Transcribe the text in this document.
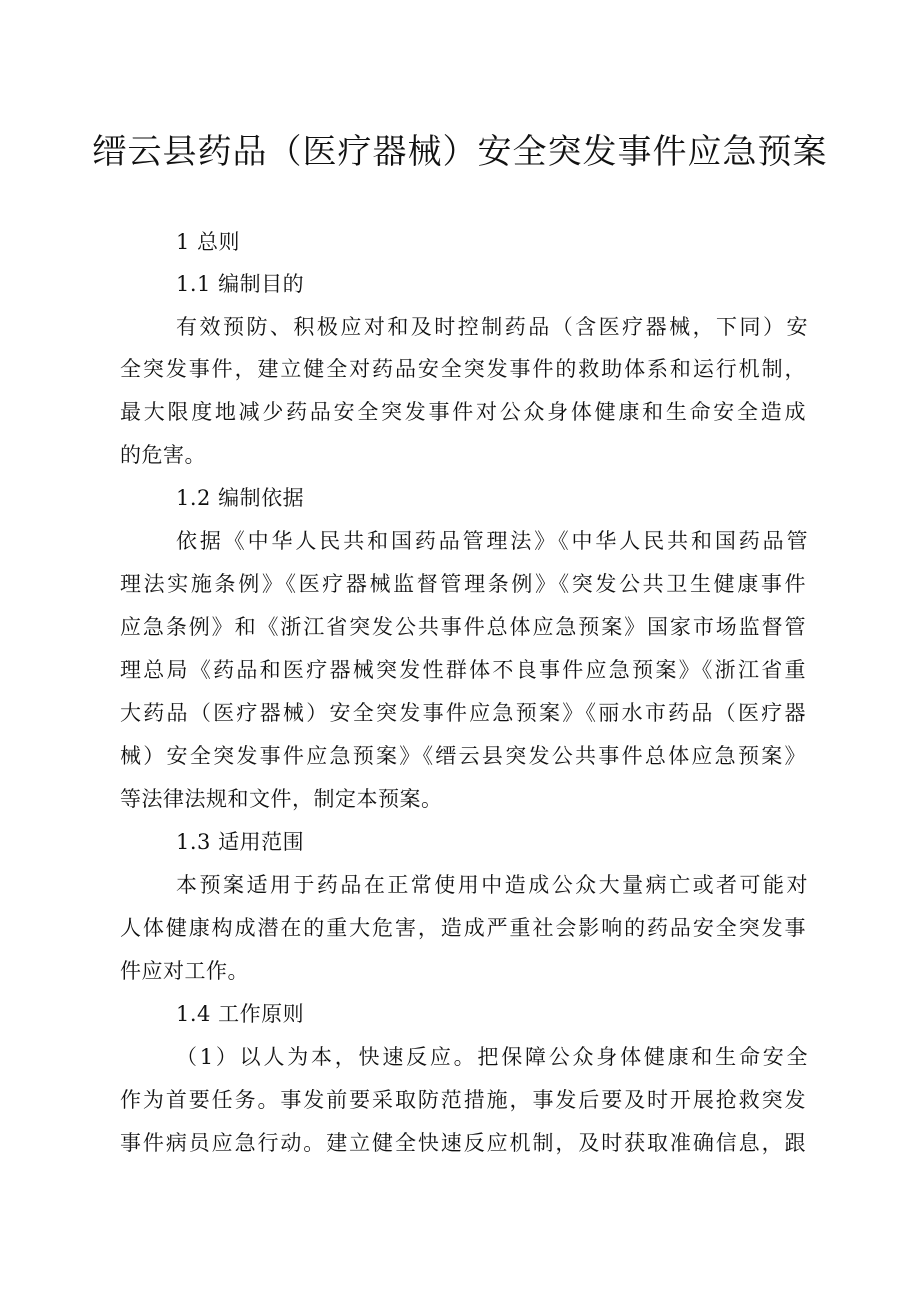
缙云县药品（医疗器械）安全突发事件应急预案
1 总则
1.1 编制目的
有效预防、积极应对和及时控制药品（含医疗器械，下同）安
全突发事件，建立健全对药品安全突发事件的救助体系和运行机制，
最大限度地减少药品安全突发事件对公众身体健康和生命安全造成
的危害。
1.2 编制依据
依据《中华人民共和国药品管理法》《中华人民共和国药品管
理法实施条例》《医疗器械监督管理条例》《突发公共卫生健康事件
应急条例》和《浙江省突发公共事件总体应急预案》国家市场监督管
理总局《药品和医疗器械突发性群体不良事件应急预案》《浙江省重
大药品（医疗器械）安全突发事件应急预案》《丽水市药品（医疗器
械）安全突发事件应急预案》《缙云县突发公共事件总体应急预案》
等法律法规和文件，制定本预案。
1.3 适用范围
本预案适用于药品在正常使用中造成公众大量病亡或者可能对
人体健康构成潜在的重大危害，造成严重社会影响的药品安全突发事
件应对工作。
1.4 工作原则
（1）以人为本，快速反应。把保障公众身体健康和生命安全
作为首要任务。事发前要采取防范措施，事发后要及时开展抢救突发
事件病员应急行动。建立健全快速反应机制，及时获取准确信息，跟
